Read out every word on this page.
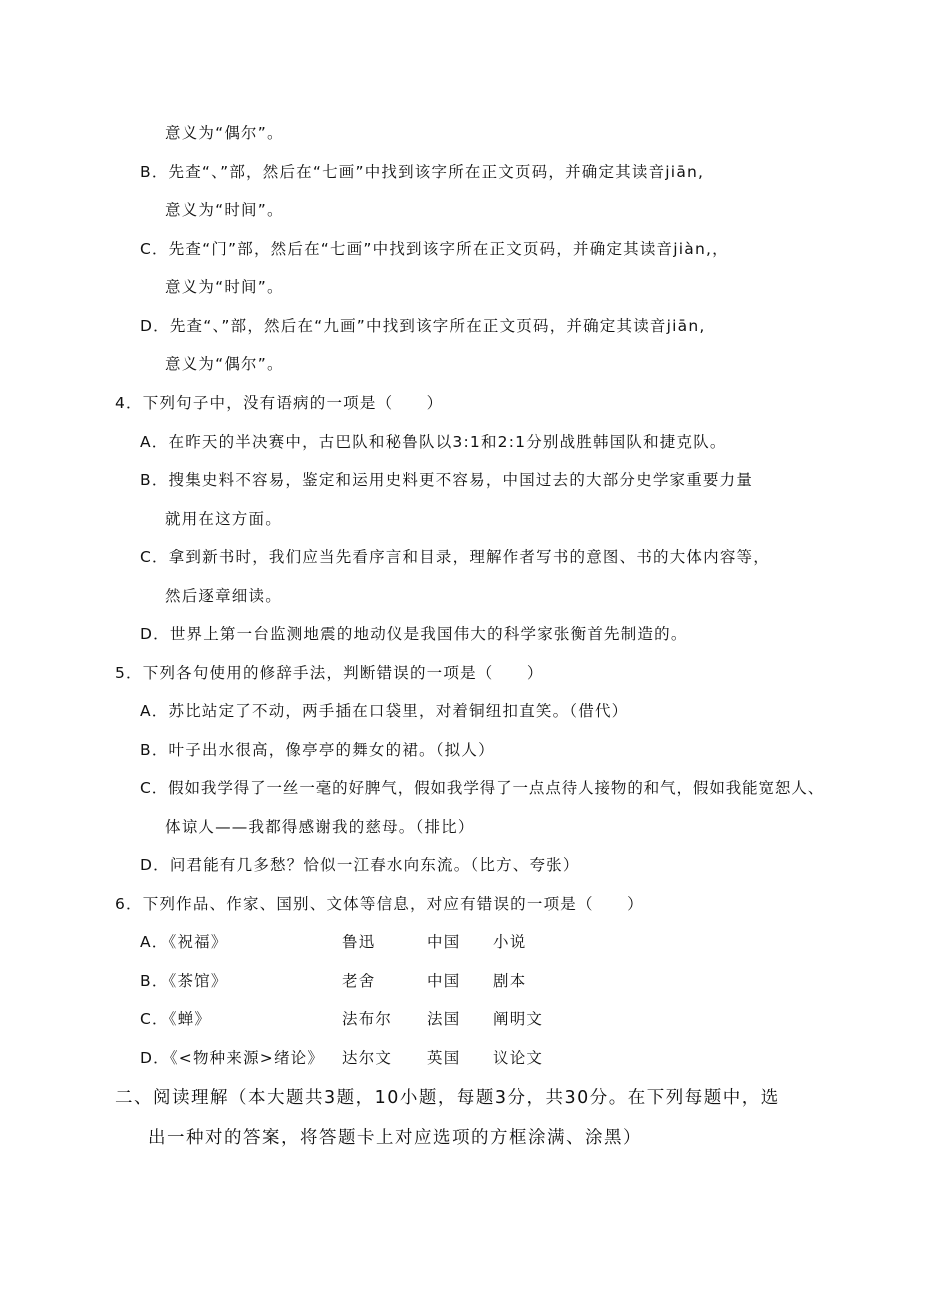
意义为“偶尔”。
B．先查“、”部，然后在“七画”中找到该字所在正文页码，并确定其读音jiān,
意义为“时间”。
C．先查“门”部，然后在“七画”中找到该字所在正文页码，并确定其读音jiàn,，
意义为“时间”。
D．先查“、”部，然后在“九画”中找到该字所在正文页码，并确定其读音jiān,
意义为“偶尔”。
4．下列句子中，没有语病的一项是（　　）
A．在昨天的半决赛中，古巴队和秘鲁队以3:1和2:1分别战胜韩国队和捷克队。
B．搜集史料不容易，鉴定和运用史料更不容易，中国过去的大部分史学家重要力量
就用在这方面。
C．拿到新书时，我们应当先看序言和目录，理解作者写书的意图、书的大体内容等，
然后逐章细读。
D．世界上第一台监测地震的地动仪是我国伟大的科学家张衡首先制造的。
5．下列各句使用的修辞手法，判断错误的一项是（　　）
A．苏比站定了不动，两手插在口袋里，对着铜纽扣直笑。（借代）
B．叶子出水很高，像亭亭的舞女的裙。（拟人）
C．假如我学得了一丝一毫的好脾气，假如我学得了一点点待人接物的和气，假如我能宽恕人、
体谅人——我都得感谢我的慈母。（排比）
D．问君能有几多愁？恰似一江春水向东流。（比方、夸张）
6．下列作品、作家、国别、文体等信息，对应有错误的一项是（　　）
A．《祝福》	鲁迅	中国 小说
B．《茶馆》	老舍	中国 剧本
C．《蝉》	法布尔 法国 阐明文
D．《<物种来源>绪论》 达尔文 英国 议论文
二、阅读理解（本大题共3题，10小题，每题3分，共30分。在下列每题中，选
出一种对的答案，将答题卡上对应选项的方框涂满、涂黑）
